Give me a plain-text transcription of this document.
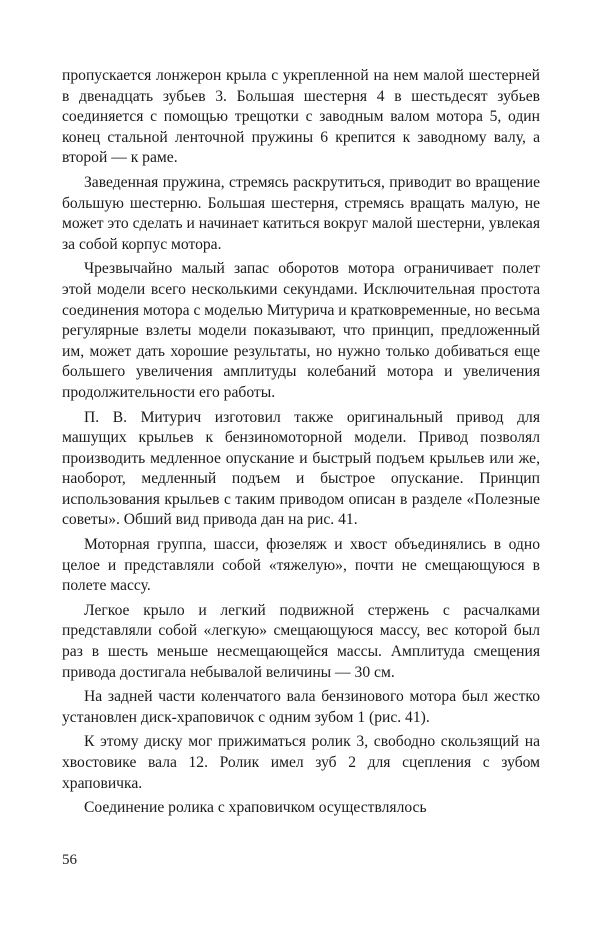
пропускается лонжерон крыла с укрепленной на нем малой шестерней в двенадцать зубьев 3. Большая шестерня 4 в шестьдесят зубьев соединяется с помощью трещотки с заводным валом мотора 5, один конец стальной ленточной пружины 6 крепится к заводному валу, а второй — к раме.

Заведенная пружина, стремясь раскрутиться, приводит во вращение большую шестерню. Большая шестерня, стремясь вращать малую, не может это сделать и начинает катиться вокруг малой шестерни, увлекая за собой корпус мотора.

Чрезвычайно малый запас оборотов мотора ограничивает полет этой модели всего несколькими секундами. Исключительная простота соединения мотора с моделью Митурича и кратковременные, но весьма регулярные взлеты модели показывают, что принцип, предложенный им, может дать хорошие результаты, но нужно только добиваться еще большего увеличения амплитуды колебаний мотора и увеличения продолжительности его работы.

П. В. Митурич изготовил также оригинальный привод для машущих крыльев к бензиномоторной модели. Привод позволял производить медленное опускание и быстрый подъем крыльев или же, наоборот, медленный подъем и быстрое опускание. Принцип использования крыльев с таким приводом описан в разделе «Полезные советы». Обший вид привода дан на рис. 41.

Моторная группа, шасси, фюзеляж и хвост объединялись в одно целое и представляли собой «тяжелую», почти не смещающуюся в полете массу.

Легкое крыло и легкий подвижной стержень с расчалками представляли собой «легкую» смещающуюся массу, вес которой был раз в шесть меньше несмещающейся массы. Амплитуда смещения привода достигала небывалой величины — 30 см.

На задней части коленчатого вала бензинового мотора был жестко установлен диск-храповичок с одним зубом 1 (рис. 41).

К этому диску мог прижиматься ролик 3, свободно скользящий на хвостовике вала 12. Ролик имел зуб 2 для сцепления с зубом храповичка.

Соединение ролика с храповичком осуществлялось

56
